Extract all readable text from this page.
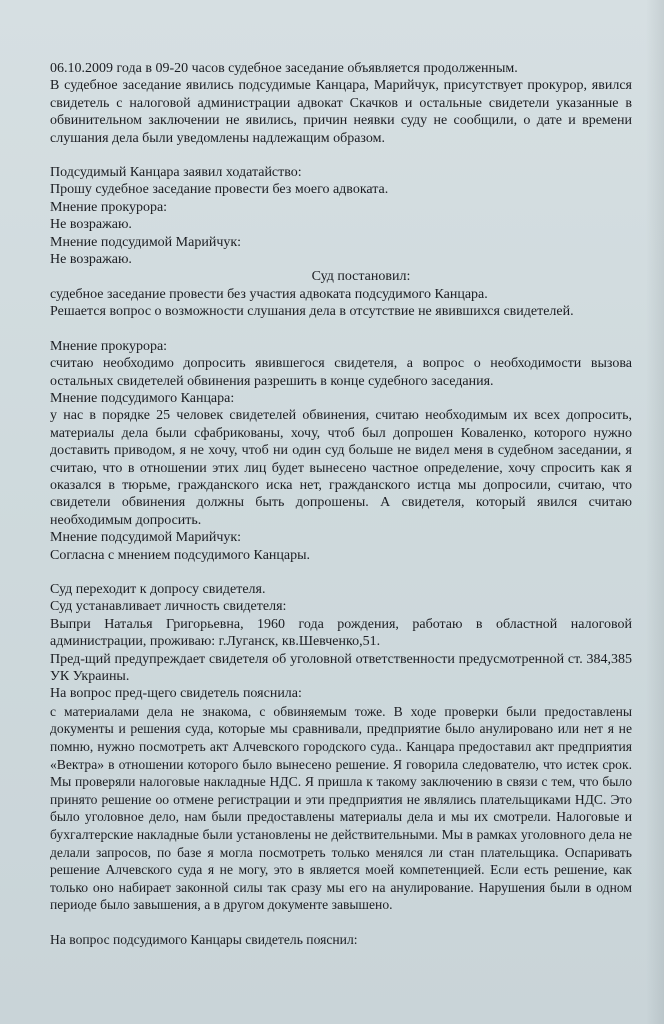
06.10.2009 года в 09-20 часов судебное заседание объявляется продолженным.

В судебное заседание явились подсудимые Канцара, Марийчук, присутствует прокурор, явился свидетель с налоговой администрации адвокат Скачков и остальные свидетели указанные в обвинительном заключении не явились, причин неявки суду не сообщили, о дате и времени слушания дела были уведомлены надлежащим образом.

Подсудимый Канцара заявил ходатайство:

Прошу судебное заседание провести без моего адвоката.

Мнение прокурора:

Не возражаю.

Мнение подсудимой Марийчук:

Не возражаю.

Суд постановил:

судебное заседание провести без участия адвоката подсудимого Канцара.

Решается вопрос о возможности слушания дела в отсутствие не явившихся свидетелей.

Мнение прокурора:

считаю необходимо допросить явившегося свидетеля, а вопрос о необходимости вызова остальных свидетелей обвинения разрешить в конце судебного заседания.

Мнение подсудимого Канцара:

у нас в порядке 25 человек свидетелей обвинения, считаю необходимым их всех допросить, материалы дела были сфабрикованы, хочу, чтоб был допрошен Коваленко, которого нужно доставить приводом, я не хочу, чтоб ни один суд больше не видел меня в судебном заседании, я считаю, что в отношении этих лиц будет вынесено частное определение, хочу спросить как я оказался в тюрьме, гражданского иска нет, гражданского истца мы допросили, считаю, что свидетели обвинения должны быть допрошены. А свидетеля, который явился считаю необходимым допросить.

Мнение подсудимой Марийчук:

Согласна с мнением подсудимого Канцары.

Суд переходит к допросу свидетеля.

Суд устанавливает личность свидетеля:

Выпри Наталья Григорьевна, 1960 года рождения, работаю в областной налоговой администрации, проживаю: г.Луганск, кв.Шевченко,51.

Пред-щий предупреждает свидетеля об уголовной ответственности предусмотренной ст. 384,385 УК Украины.

На вопрос пред-щего свидетель пояснила:

с материалами дела не знакома, с обвиняемым тоже. В ходе проверки были предоставлены документы и решения суда, которые мы сравнивали, предприятие было анулировано или нет я не помню, нужно посмотреть акт Алчевского городского суда.. Канцара предоставил акт предприятия «Вектра» в отношении которого было вынесено решение. Я говорила следователю, что истек срок. Мы проверяли налоговые накладные НДС. Я пришла к такому заключению в связи с тем, что было принято решение оо отмене регистрации и эти предприятия не являлись плательщиками НДС. Это было уголовное дело, нам были предоставлены материалы дела и мы их смотрели. Налоговые и бухгалтерские накладные были установлены не действительными. Мы в рамках уголовного дела не делали запросов, по базе я могла посмотреть только менялся ли стан плательщика. Оспаривать решение Алчевского суда я не могу, это в является моей компетенцией. Если есть решение, как только оно набирает законной силы так сразу мы его на анулирование. Нарушения были в одном периоде было завышения, а в другом документе завышено.

На вопрос подсудимого Канцары свидетель пояснил:
